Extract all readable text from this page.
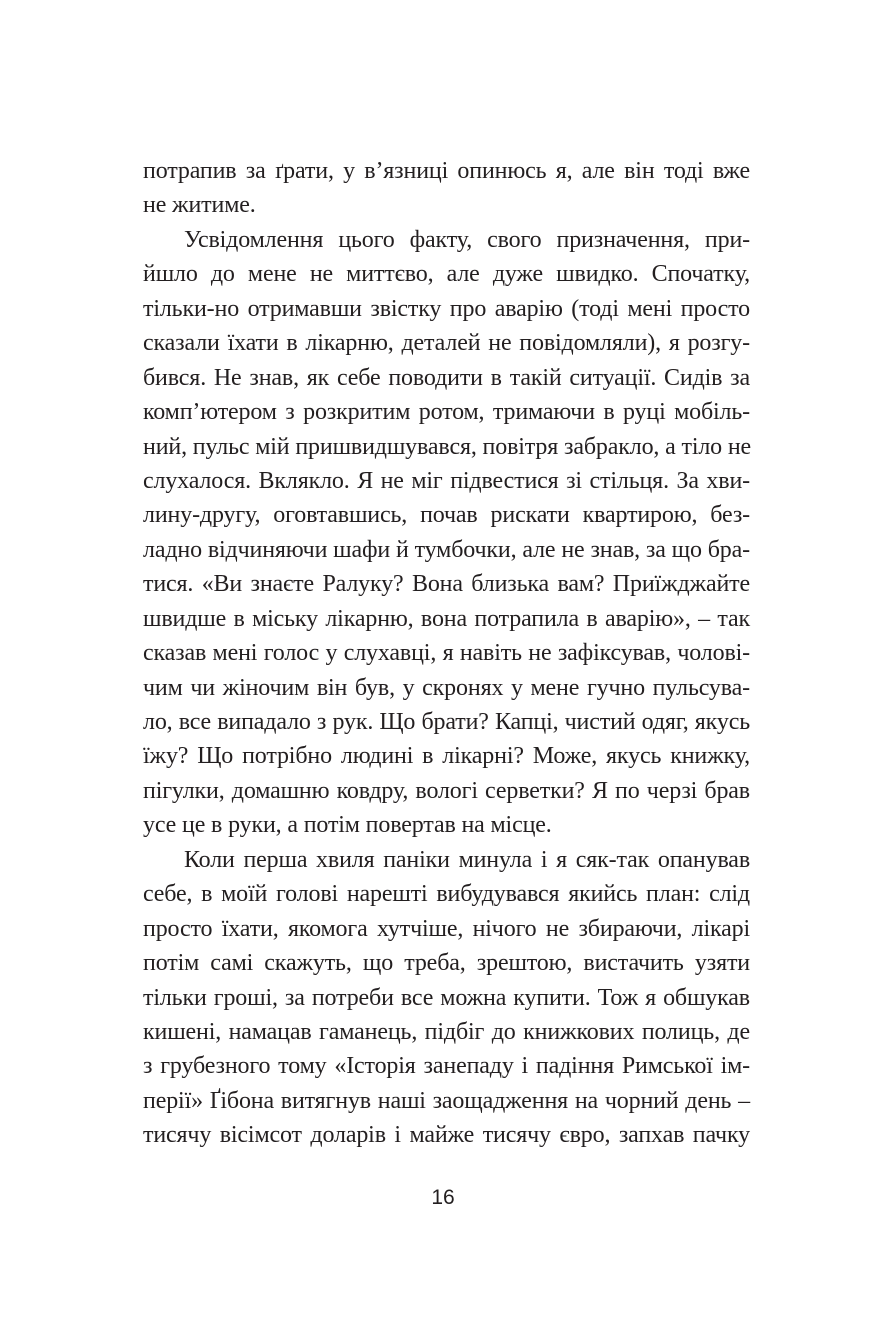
потрапив за ґрати, у в’язниці опинюсь я, але він тоді вже
не житиме.
Усвідомлення цього факту, свого призначення, при-
йшло до мене не миттєво, але дуже швидко. Спочатку,
тільки-но отримавши звістку про аварію (тоді мені просто
сказали їхати в лікарню, деталей не повідомляли), я розгу-
бився. Не знав, як себе поводити в такій ситуації. Сидів за
комп’ютером з розкритим ротом, тримаючи в руці мобіль-
ний, пульс мій пришвидшувався, повітря забракло, а тіло не
слухалося. Вклякло. Я не міг підвестися зі стільця. За хви-
лину-другу, оговтавшись, почав рискати квартирою, без-
ладно відчиняючи шафи й тумбочки, але не знав, за що бра-
тися. «Ви знаєте Ралуку? Вона близька вам? Приїжджайте
швидше в міську лікарню, вона потрапила в аварію», – так
сказав мені голос у слухавці, я навіть не зафіксував, чолові-
чим чи жіночим він був, у скронях у мене гучно пульсува-
ло, все випадало з рук. Що брати? Капці, чистий одяг, якусь
їжу? Що потрібно людині в лікарні? Може, якусь книжку,
пігулки, домашню ковдру, вологі серветки? Я по черзі брав
усе це в руки, а потім повертав на місце.
Коли перша хвиля паніки минула і я сяк-так опанував
себе, в моїй голові нарешті вибудувався якийсь план: слід
просто їхати, якомога хутчіше, нічого не збираючи, лікарі
потім самі скажуть, що треба, зрештою, вистачить узяти
тільки гроші, за потреби все можна купити. Тож я обшукав
кишені, намацав гаманець, підбіг до книжкових полиць, де
з грубезного тому «Історія занепаду і падіння Римської ім-
перії» Ґібона витягнув наші заощадження на чорний день –
тисячу вісімсот доларів і майже тисячу євро, запхав пачку
16
